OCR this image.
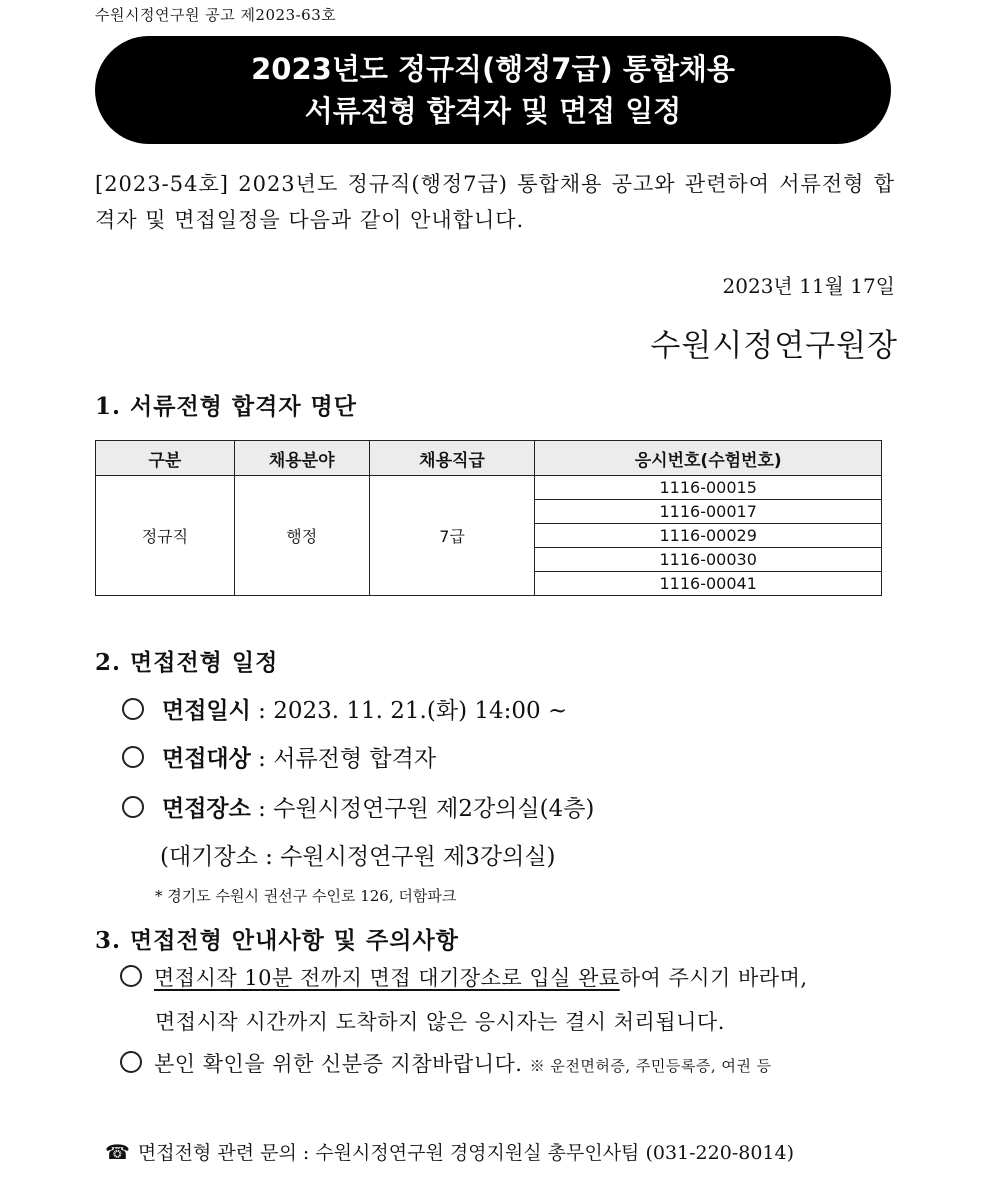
수원시정연구원 공고 제2023-63호
2023년도 정규직(행정7급) 통합채용
서류전형 합격자 및 면접 일정
[2023-54호] 2023년도 정규직(행정7급) 통합채용 공고와 관련하여 서류전형 합격자 및 면접일정을 다음과 같이 안내합니다.
2023년 11월 17일
수원시정연구원장
1. 서류전형 합격자 명단
구분	채용분야	채용직급	응시번호(수험번호)
정규직	행정	7급	1116-00015
			1116-00017
			1116-00029
			1116-00030
			1116-00041
2. 면접전형 일정
면접일시 : 2023. 11. 21.(화) 14:00 ~
면접대상 : 서류전형 합격자
면접장소 : 수원시정연구원 제2강의실(4층)
(대기장소 : 수원시정연구원 제3강의실)
* 경기도 수원시 권선구 수인로 126, 더함파크
3. 면접전형 안내사항 및 주의사항
면접시작 10분 전까지 면접 대기장소로 입실 완료하여 주시기 바라며,
면접시작 시간까지 도착하지 않은 응시자는 결시 처리됩니다.
본인 확인을 위한 신분증 지참바랍니다. ※ 운전면허증, 주민등록증, 여권 등
☎ 면접전형 관련 문의 : 수원시정연구원 경영지원실 총무인사팀 (031-220-8014)
